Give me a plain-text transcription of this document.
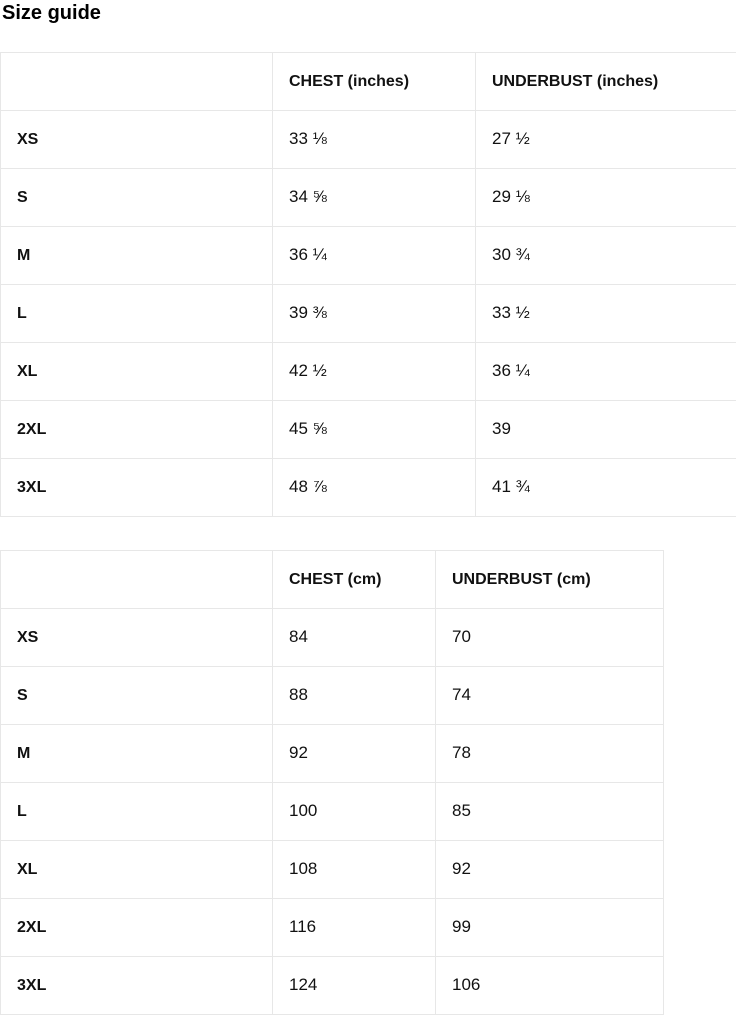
Size guide
	CHEST (inches)	UNDERBUST (inches)
XS	33 ⅛	27 ½
S	34 ⅝	29 ⅛
M	36 ¼	30 ¾
L	39 ⅜	33 ½
XL	42 ½	36 ¼
2XL	45 ⅝	39
3XL	48 ⅞	41 ¾
	CHEST (cm)	UNDERBUST (cm)
XS	84	70
S	88	74
M	92	78
L	100	85
XL	108	92
2XL	116	99
3XL	124	106
